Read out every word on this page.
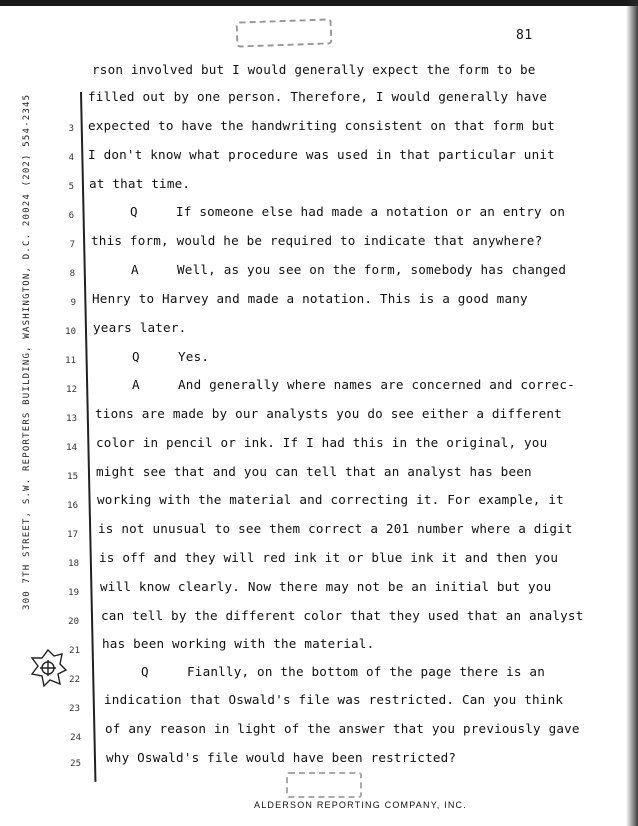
81
300 7TH STREET, S.W. REPORTERS BUILDING, WASHINGTON, D.C. 20024 (202) 554-2345	3
4
5
6
7
8
9
10
11
12
13
14
15
16
17
18
19
20
21
22
23
24
25
rson involved but I would generally expect the form to be
filled out by one person. Therefore, I would generally have
expected to have the handwriting consistent on that form but
I don't know what procedure was used in that particular unit
at that time.
Q	If someone else had made a notation or an entry on
this form, would he be required to indicate that anywhere?
A	Well, as you see on the form, somebody has changed
Henry to Harvey and made a notation. This is a good many
years later.
Q	Yes.
A	And generally where names are concerned and correc-
tions are made by our analysts you do see either a different
color in pencil or ink. If I had this in the original, you
might see that and you can tell that an analyst has been
working with the material and correcting it. For example, it
is not unusual to see them correct a 201 number where a digit
is off and they will red ink it or blue ink it and then you
will know clearly. Now there may not be an initial but you
can tell by the different color that they used that an analyst
has been working with the material.
Q	Fianlly, on the bottom of the page there is an
indication that Oswald's file was restricted. Can you think
of any reason in light of the answer that you previously gave
why Oswald's file would have been restricted?
ALDERSON REPORTING COMPANY, INC.
